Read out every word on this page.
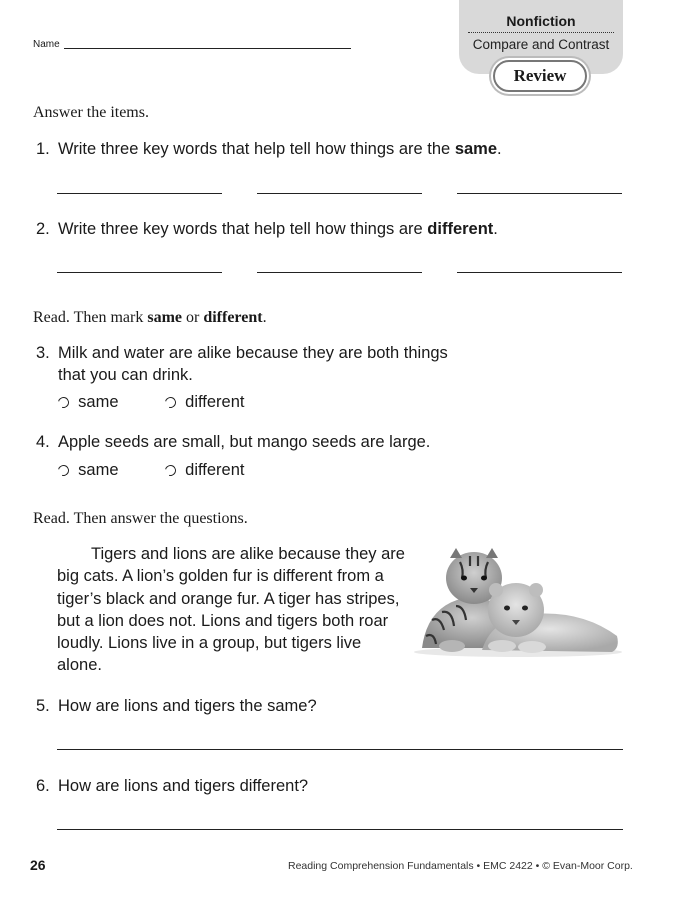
Nonfiction
Compare and Contrast
Review
Name
Answer the items.
1. Write three key words that help tell how things are the same.
2. Write three key words that help tell how things are different.
Read. Then mark same or different.
3. Milk and water are alike because they are both things
that you can drink.
same	different
4. Apple seeds are small, but mango seeds are large.
same	different
Read. Then answer the questions.

Tigers and lions are alike because they are big cats. A lion’s golden fur is different from a tiger’s black and orange fur. A tiger has stripes, but a lion does not. Lions and tigers both roar loudly. Lions live in a group, but tigers live alone.

5. How are lions and tigers the same?
6. How are lions and tigers different?
26	Reading Comprehension Fundamentals • EMC 2422 • © Evan-Moor Corp.
